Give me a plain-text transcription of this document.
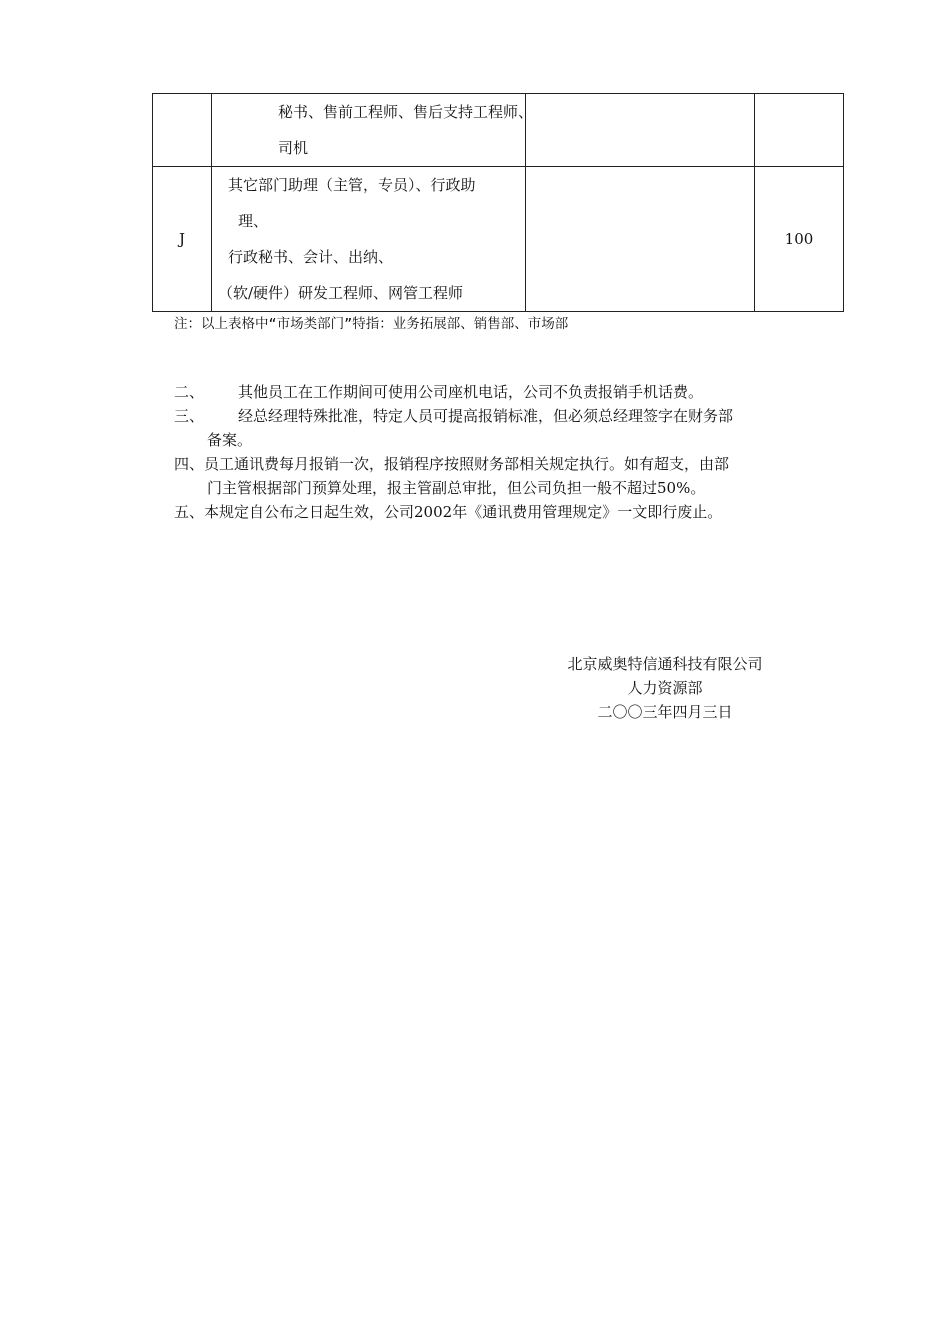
	秘书、售前工程师、售后支持工程师、
司机		

J	其它部门助理（主管，专员）、行政助
理、
行政秘书、会计、出纳、
（软/硬件）研发工程师、网管工程师		100
注：以上表格中“市场类部门”特指：业务拓展部、销售部、市场部
二、 其他员工在工作期间可使用公司座机电话，公司不负责报销手机话费。
三、 经总经理特殊批准，特定人员可提高报销标准，但必须总经理签字在财务部
备案。
四、员工通讯费每月报销一次，报销程序按照财务部相关规定执行。如有超支，由部
门主管根据部门预算处理，报主管副总审批，但公司负担一般不超过50%。
五、本规定自公布之日起生效，公司2002年《通讯费用管理规定》一文即行废止。
北京威奥特信通科技有限公司
人力资源部
二〇〇三年四月三日
